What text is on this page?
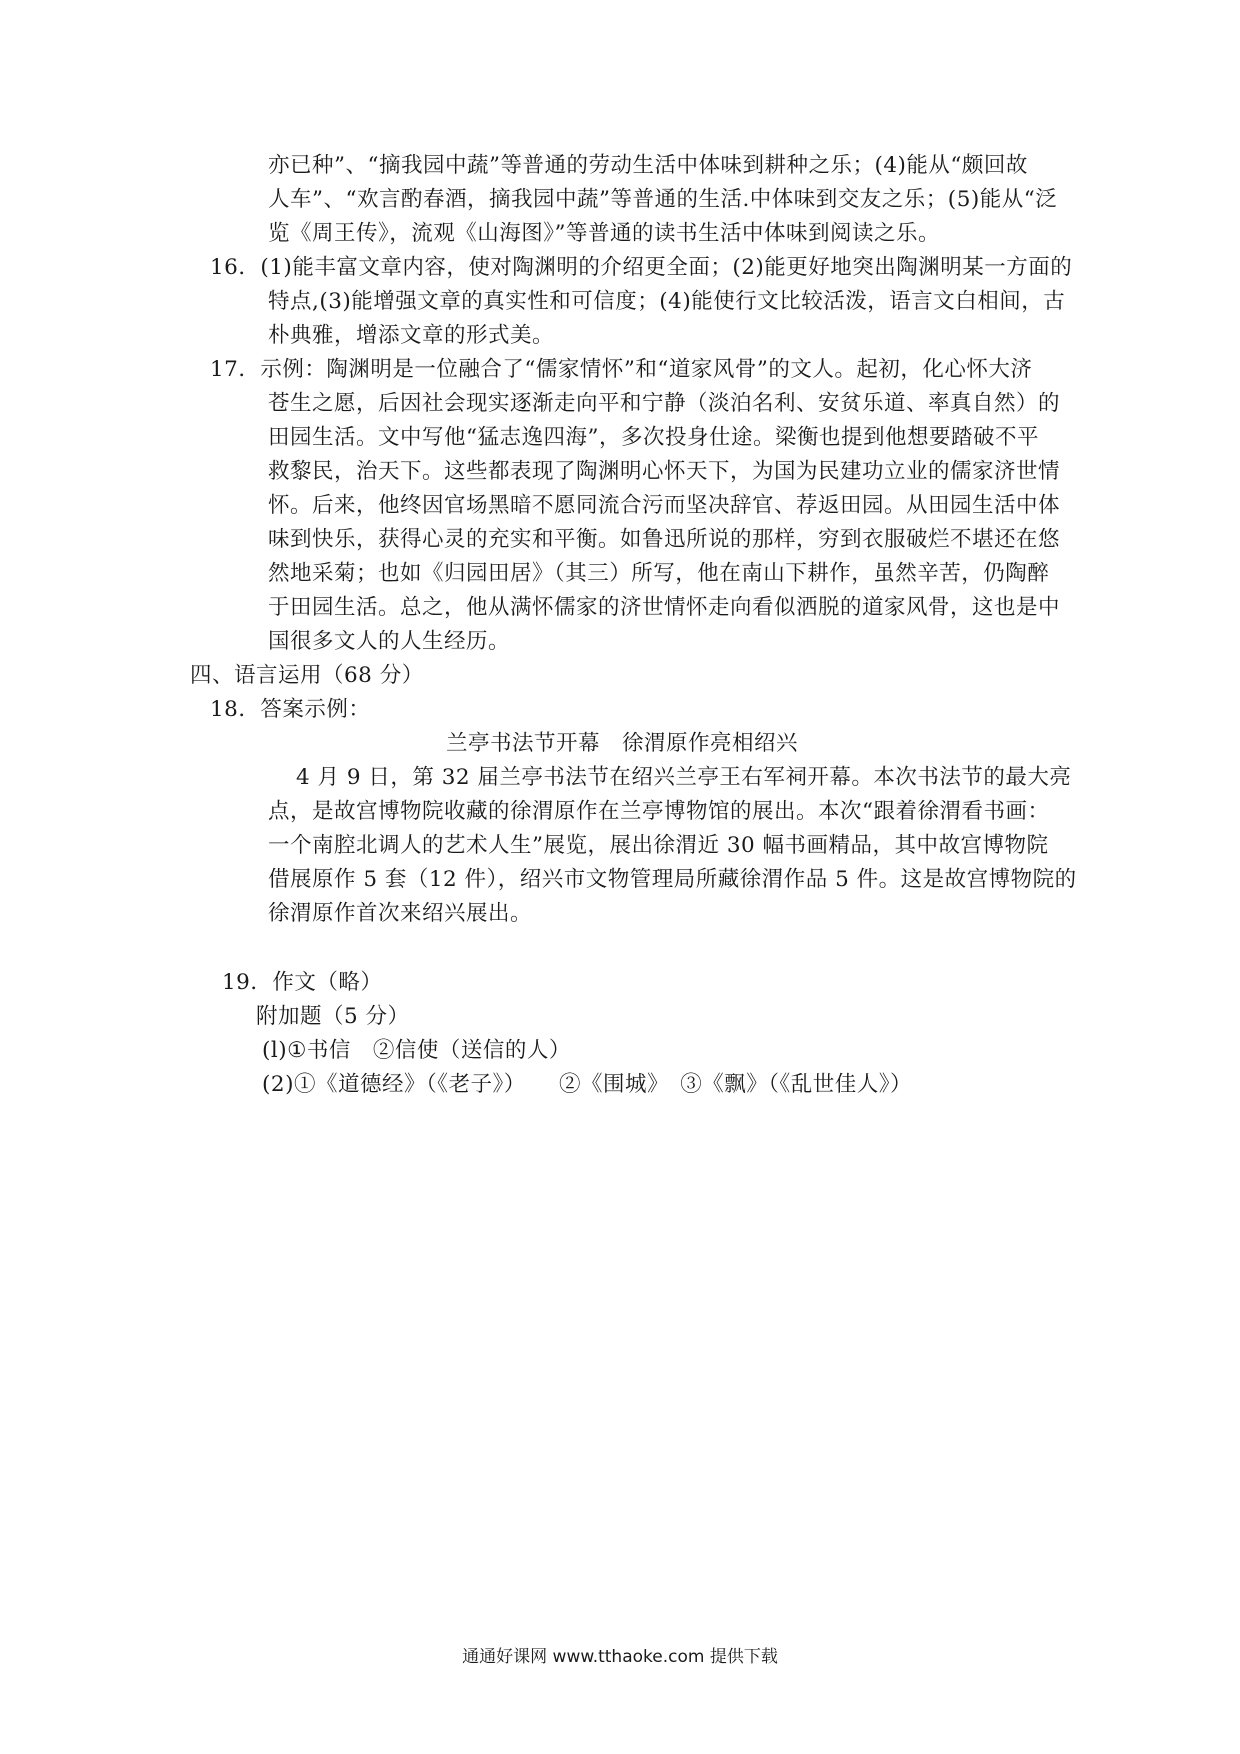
亦已种”、“摘我园中蔬”等普通的劳动生活中体味到耕种之乐；(4)能从“颇回故
人车”、“欢言酌春酒，摘我园中蔬”等普通的生活.中体味到交友之乐；(5)能从“泛
览《周王传》，流观《山海图》”等普通的读书生活中体味到阅读之乐。
16．(1)能丰富文章内容，使对陶渊明的介绍更全面；(2)能更好地突出陶渊明某一方面的
特点,(3)能增强文章的真实性和可信度；(4)能使行文比较活泼，语言文白相间，古
朴典雅，增添文章的形式美。
17．示例：陶渊明是一位融合了“儒家情怀”和“道家风骨”的文人。起初，化心怀大济
苍生之愿，后因社会现实逐渐走向平和宁静（淡泊名利、安贫乐道、率真自然）的
田园生活。文中写他“猛志逸四海”，多次投身仕途。梁衡也提到他想要踏破不平
救黎民，治天下。这些都表现了陶渊明心怀天下，为国为民建功立业的儒家济世情
怀。后来，他终因官场黑暗不愿同流合污而坚决辞官、荐返田园。从田园生活中体
味到快乐，获得心灵的充实和平衡。如鲁迅所说的那样，穷到衣服破烂不堪还在悠
然地采菊；也如《归园田居》（其三）所写，他在南山下耕作，虽然辛苦，仍陶醉
于田园生活。总之，他从满怀儒家的济世情怀走向看似洒脱的道家风骨，这也是中
国很多文人的人生经历。
四、语言运用（68 分）
18．答案示例：
兰亭书法节开幕　徐渭原作亮相绍兴
4 月 9 日，第 32 届兰亭书法节在绍兴兰亭王右军祠开幕。本次书法节的最大亮
点，是故宫博物院收藏的徐渭原作在兰亭博物馆的展出。本次“跟着徐渭看书画：
一个南腔北调人的艺术人生”展览，展出徐渭近 30 幅书画精品，其中故宫博物院
借展原作 5 套（12 件），绍兴市文物管理局所藏徐渭作品 5 件。这是故宫博物院的
徐渭原作首次来绍兴展出。
19．作文（略）
附加题（5 分）
(l)①书信　②信使（送信的人）
(2)①《道德经》（《老子》）　　②《围城》　③《飘》（《乱世佳人》）
通通好课网 www.tthaoke.com 提供下载
